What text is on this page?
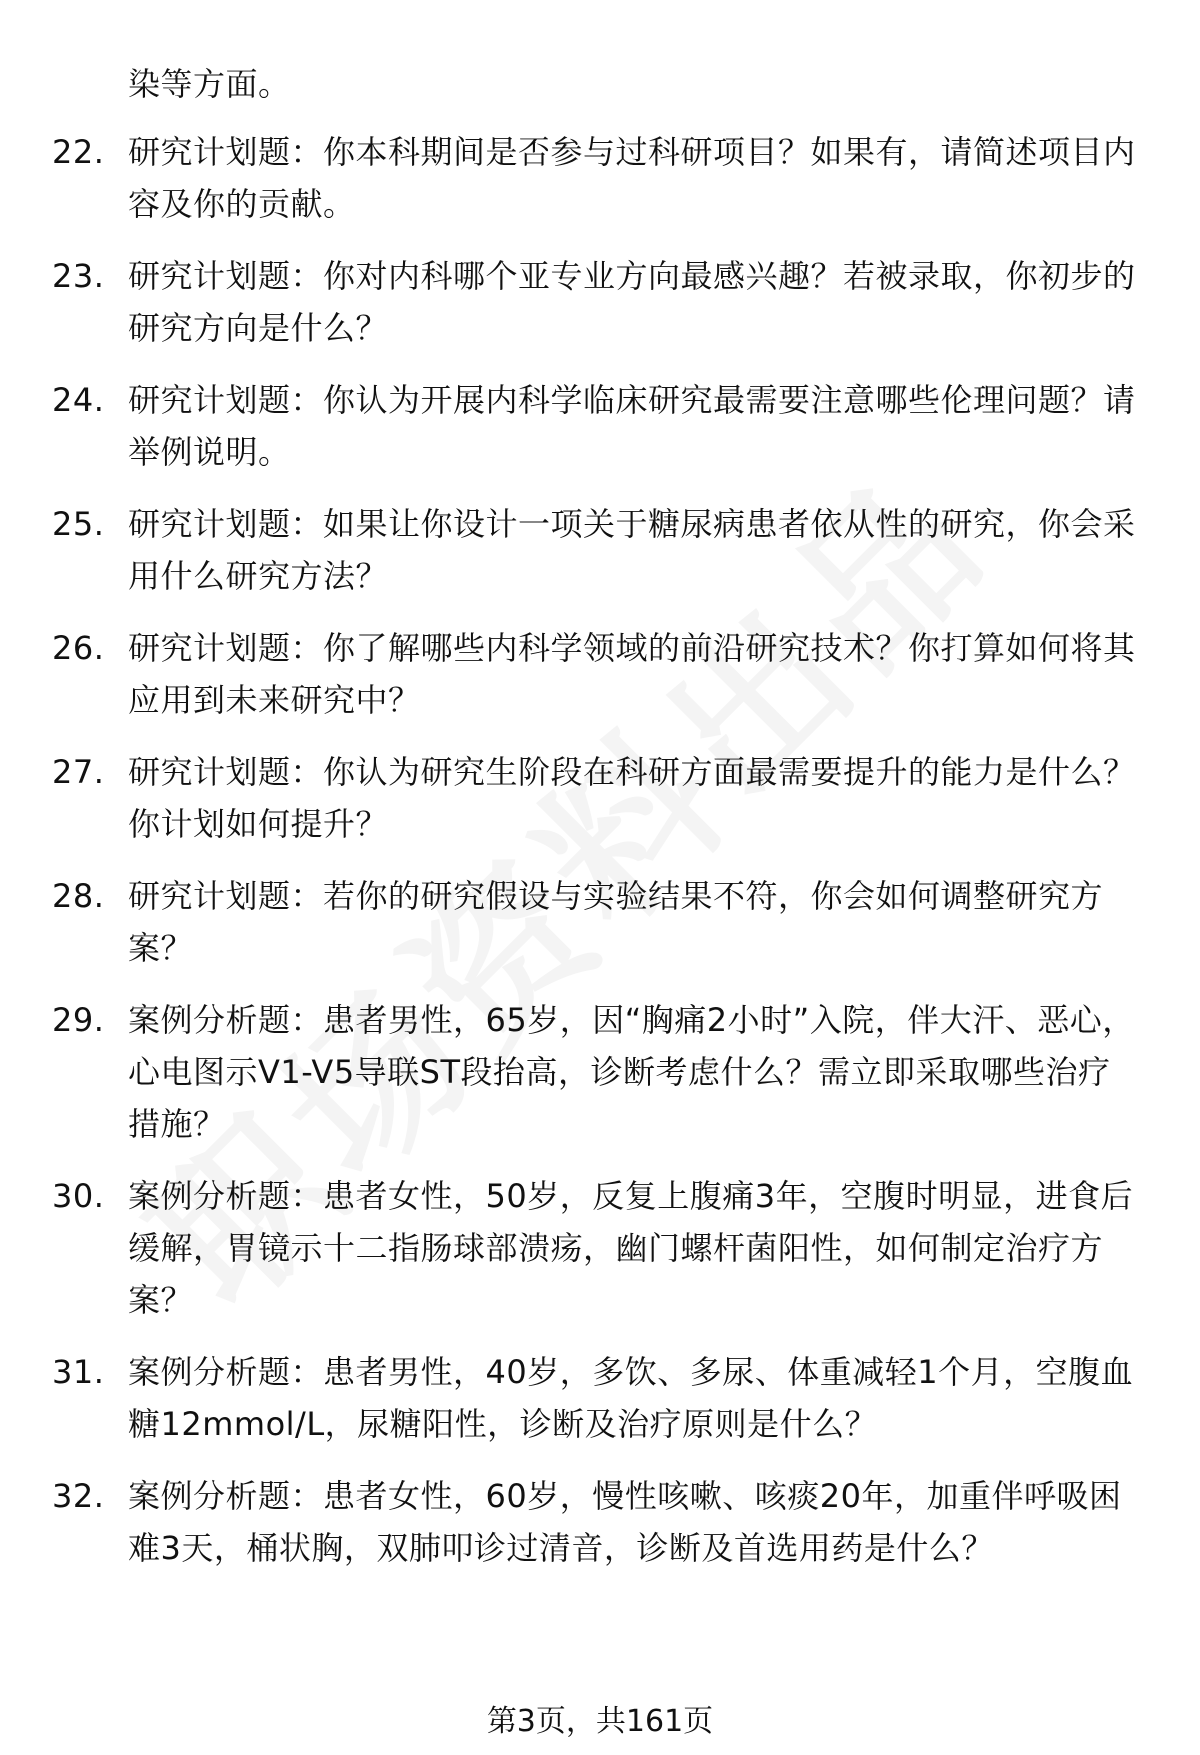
染等方面。

22. 研究计划题：你本科期间是否参与过科研项目？如果有，请简述项目内容及你的贡献。
23. 研究计划题：你对内科哪个亚专业方向最感兴趣？若被录取，你初步的研究方向是什么？
24. 研究计划题：你认为开展内科学临床研究最需要注意哪些伦理问题？请举例说明。
25. 研究计划题：如果让你设计一项关于糖尿病患者依从性的研究，你会采用什么研究方法？
26. 研究计划题：你了解哪些内科学领域的前沿研究技术？你打算如何将其应用到未来研究中？
27. 研究计划题：你认为研究生阶段在科研方面最需要提升的能力是什么？你计划如何提升？
28. 研究计划题：若你的研究假设与实验结果不符，你会如何调整研究方案？
29. 案例分析题：患者男性，65岁，因“胸痛2小时”入院，伴大汗、恶心，心电图示V1-V5导联ST段抬高，诊断考虑什么？需立即采取哪些治疗措施？
30. 案例分析题：患者女性，50岁，反复上腹痛3年，空腹时明显，进食后缓解，胃镜示十二指肠球部溃疡，幽门螺杆菌阳性，如何制定治疗方案？
31. 案例分析题：患者男性，40岁，多饮、多尿、体重减轻1个月，空腹血糖12mmol/L，尿糖阳性，诊断及治疗原则是什么？
32. 案例分析题：患者女性，60岁，慢性咳嗽、咳痰20年，加重伴呼吸困难3天，桶状胸，双肺叩诊过清音，诊断及首选用药是什么？
第3页，共161页
